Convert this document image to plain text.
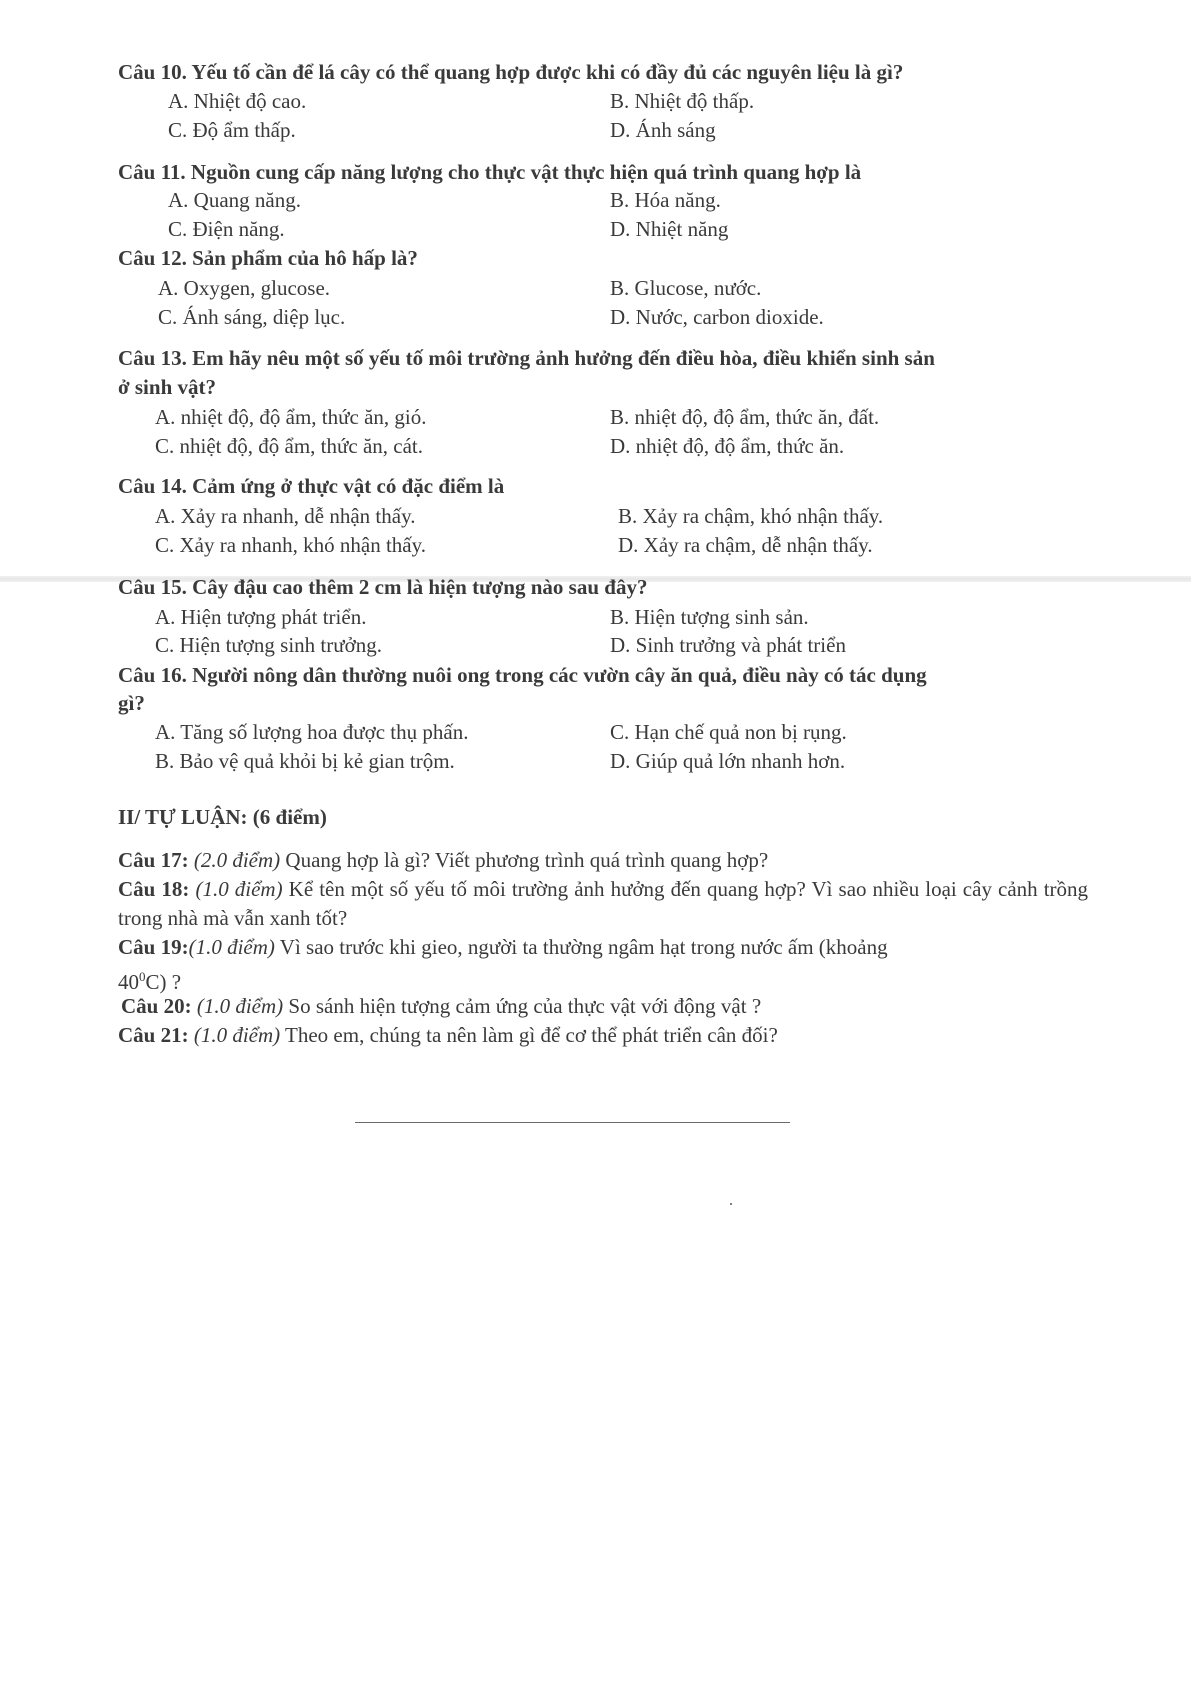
Câu 10. Yếu tố cần để lá cây có thể quang hợp được khi có đầy đủ các nguyên liệu là gì?
A. Nhiệt độ cao.	B. Nhiệt độ thấp.
C. Độ ẩm thấp.	D. Ánh sáng
Câu 11. Nguồn cung cấp năng lượng cho thực vật thực hiện quá trình quang hợp là
A. Quang năng.	B. Hóa năng.
C. Điện năng.	D. Nhiệt năng
Câu 12. Sản phẩm của hô hấp là?
A. Oxygen, glucose.	B. Glucose, nước.
C. Ánh sáng, diệp lục.	D. Nước, carbon dioxide.
Câu 13. Em hãy nêu một số yếu tố môi trường ảnh hưởng đến điều hòa, điều khiển sinh sản
ở sinh vật?
A. nhiệt độ, độ ẩm, thức ăn, gió.	B. nhiệt độ, độ ẩm, thức ăn, đất.
C. nhiệt độ, độ ẩm, thức ăn, cát.	D. nhiệt độ, độ ẩm, thức ăn.
Câu 14. Cảm ứng ở thực vật có đặc điểm là
A. Xảy ra nhanh, dễ nhận thấy.	B. Xảy ra chậm, khó nhận thấy.
C. Xảy ra nhanh, khó nhận thấy.	D. Xảy ra chậm, dễ nhận thấy.
Câu 15. Cây đậu cao thêm 2 cm là hiện tượng nào sau đây?
A. Hiện tượng phát triển.	B. Hiện tượng sinh sản.
C. Hiện tượng sinh trưởng.	D. Sinh trưởng và phát triển
Câu 16. Người nông dân thường nuôi ong trong các vườn cây ăn quả, điều này có tác dụng
gì?
A. Tăng số lượng hoa được thụ phấn.	C. Hạn chế quả non bị rụng.
B. Bảo vệ quả khỏi bị kẻ gian trộm.	D. Giúp quả lớn nhanh hơn.
II/ TỰ LUẬN: (6 điểm)
Câu 17: (2.0 điểm) Quang hợp là gì? Viết phương trình quá trình quang hợp?
Câu 18: (1.0 điểm) Kể tên một số yếu tố môi trường ảnh hưởng đến quang hợp? Vì sao nhiều loại cây cảnh trồng trong nhà mà vẫn xanh tốt?
Câu 19:(1.0 điểm) Vì sao trước khi gieo, người ta thường ngâm hạt trong nước ấm (khoảng
$40^0C$) ?
Câu 20: (1.0 điểm) So sánh hiện tượng cảm ứng của thực vật với động vật ?
Câu 21: (1.0 điểm) Theo em, chúng ta nên làm gì để cơ thể phát triển cân đối?
